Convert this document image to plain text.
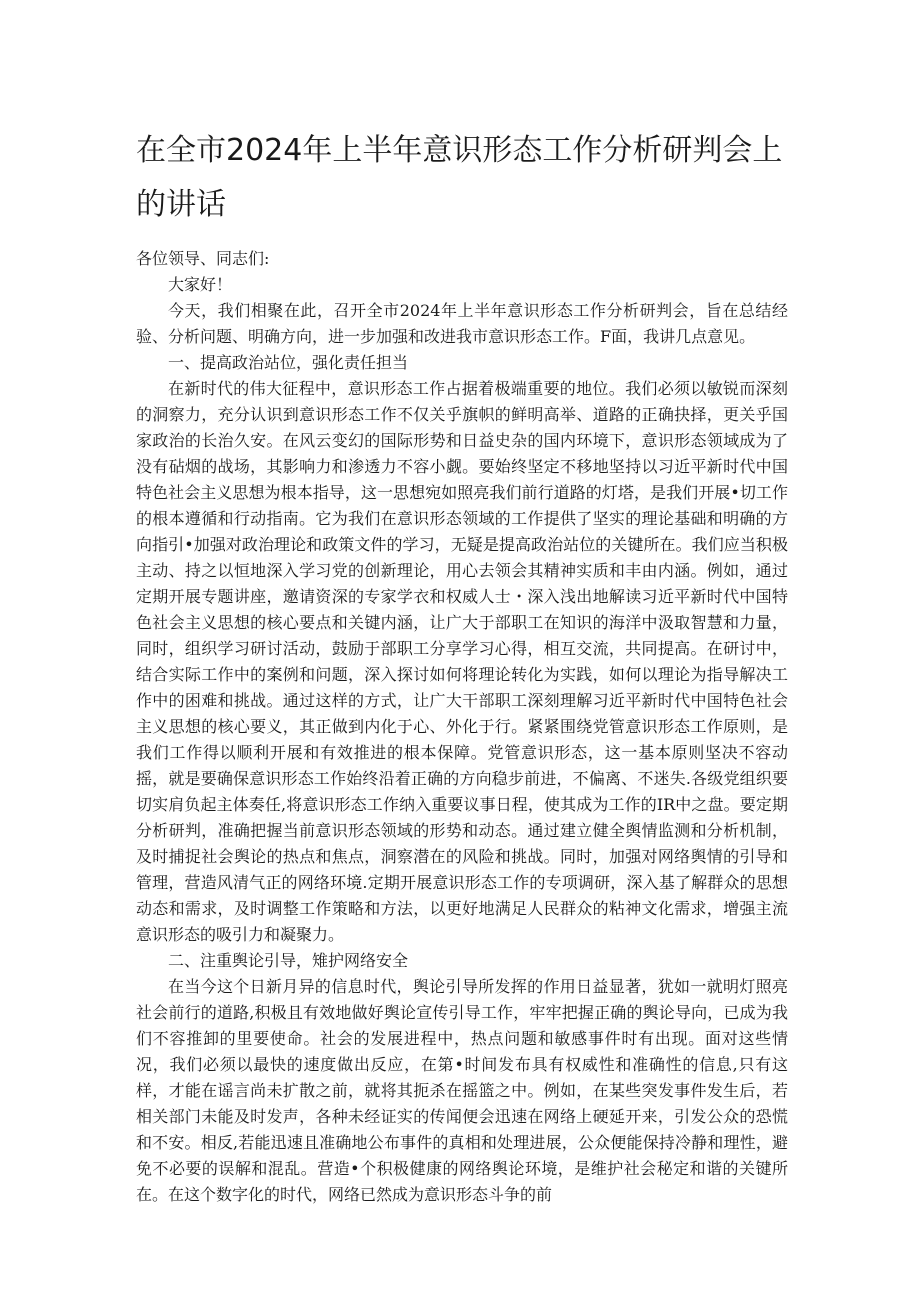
在全市2024年上半年意识形态工作分析研判会上的讲话

各位领导、同志们:

大家好！

今天，我们相聚在此，召开全市2024年上半年意识形态工作分析研判会，旨在总结经验、分析问题、明确方向，进一步加强和改进我市意识形态工作。F面，我讲几点意见。

一、提高政治站位，强化责任担当

在新时代的伟大征程中，意识形态工作占据着极端重要的地位。我们必须以敏锐而深刻的洞察力，充分认识到意识形态工作不仅关乎旗帜的鲜明高举、道路的正确抉择，更关乎国家政治的长治久安。在风云变幻的国际形势和日益史杂的国内环境下，意识形态领域成为了没有砧烟的战场，其影响力和渗透力不容小觑。要始终坚定不移地坚持以习近平新时代中国特色社会主义思想为根本指导，这一思想宛如照亮我们前行道路的灯塔，是我们开展•切工作的根本遵循和行动指南。它为我们在意识形态领域的工作提供了坚实的理论基础和明确的方向指引•加强对政治理论和政策文件的学习，无疑是提高政治站位的关键所在。我们应当积极主动、持之以恒地深入学习党的创新理论，用心去领会其精神实质和丰由内涵。例如，通过定期开展专题讲座，邀请资深的专家学衣和权威人士・深入浅出地解读习近平新时代中国特色社会主义思想的核心要点和关键内涵，让广大于部职工在知识的海洋中汲取智慧和力量，同时，组织学习研讨活动，鼓励于部职工分享学习心得，相互交流，共同提高。在研讨中，结合实际工作中的案例和问题，深入探讨如何将理论转化为实践，如何以理论为指导解决工作中的困难和挑战。通过这样的方式，让广大干部职工深刻理解习近平新时代中国特色社会主义思想的核心要义，其正做到内化于心、外化于行。紧紧围绕党管意识形态工作原则，是我们工作得以顺利开展和有效推进的根本保障。党管意识形态，这一基本原则坚决不容动摇，就是要确保意识形态工作始终沿着正确的方向稳步前进，不偏离、不迷失.各级党组织要切实肩负起主体奏任,将意识形态工作纳入重要议事日程，使其成为工作的IR中之盘。要定期分析研判，准确把握当前意识形态领域的形势和动态。通过建立健全舆情监测和分析机制，及时捕捉社会舆论的热点和焦点，洞察潜在的风险和挑战。同时，加强对网络舆情的引导和管理，营造风清气正的网络环境.定期开展意识形态工作的专项调研，深入基了解群众的思想动态和需求，及时调整工作策略和方法，以更好地满足人民群众的粘神文化需求，增强主流意识形态的吸引力和凝聚力。

二、注重舆论引导，雉护网络安全

在当今这个日新月异的信息时代，舆论引导所发挥的作用日益显著，犹如一就明灯照亮社会前行的道路,积极且有效地做好舆论宣传引导工作，牢牢把握正确的舆论导向，已成为我们不容推卸的里要使命。社会的发展进程中，热点问题和敏感事件时有出现。面对这些情况，我们必须以最快的速度做出反应，在第•时间发布具有权威性和准确性的信息,只有这样，才能在谣言尚未扩散之前，就将其扼杀在摇篮之中。例如，在某些突发事件发生后，若相关部门未能及时发声，各种未经证实的传闻便会迅速在网络上硬延开来，引发公众的恐慌和不安。相反,若能迅速且准确地公布事件的真相和处理进展，公众便能保持冷静和理性，避免不必要的误解和混乱。营造•个积极健康的网络舆论环境，是维护社会秘定和谐的关键所在。在这个数字化的时代，网络已然成为意识形态斗争的前
